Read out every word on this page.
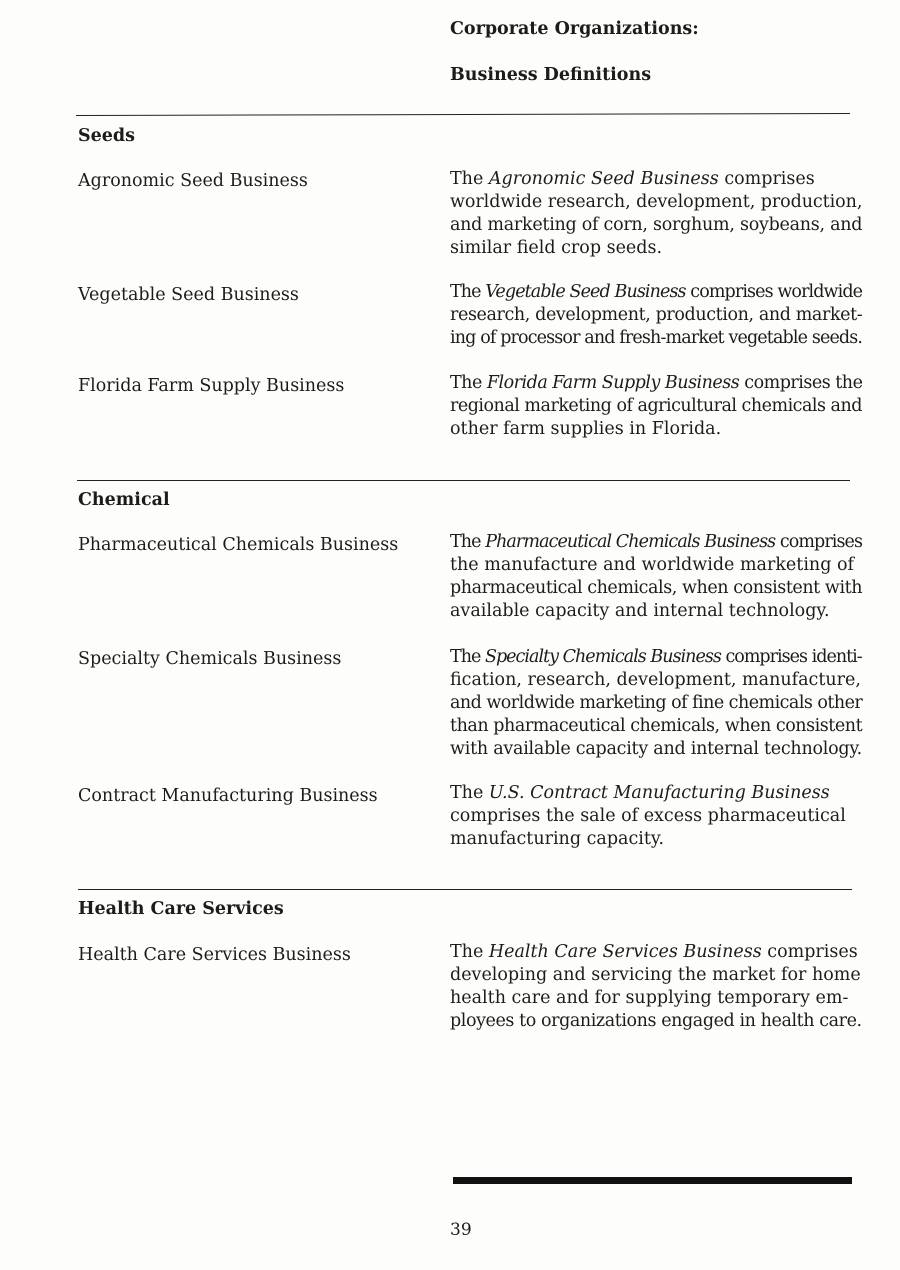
Corporate Organizations:
Business Definitions
Seeds
Agronomic Seed Business	The Agronomic Seed Business comprises
worldwide research, development, production,
and marketing of corn, sorghum, soybeans, and
similar field crop seeds.
Vegetable Seed Business	The Vegetable Seed Business comprises worldwide
research, development, production, and market-
ing of processor and fresh-market vegetable seeds.
Florida Farm Supply Business	The Florida Farm Supply Business comprises the
regional marketing of agricultural chemicals and
other farm supplies in Florida.
Chemical
Pharmaceutical Chemicals Business	The Pharmaceutical Chemicals Business comprises
the manufacture and worldwide marketing of
pharmaceutical chemicals, when consistent with
available capacity and internal technology.
Specialty Chemicals Business	The Specialty Chemicals Business comprises identi-
fication, research, development, manufacture,
and worldwide marketing of fine chemicals other
than pharmaceutical chemicals, when consistent
with available capacity and internal technology.
Contract Manufacturing Business	The U.S. Contract Manufacturing Business
comprises the sale of excess pharmaceutical
manufacturing capacity.
Health Care Services
Health Care Services Business	The Health Care Services Business comprises
developing and servicing the market for home
health care and for supplying temporary em-
ployees to organizations engaged in health care.
39
